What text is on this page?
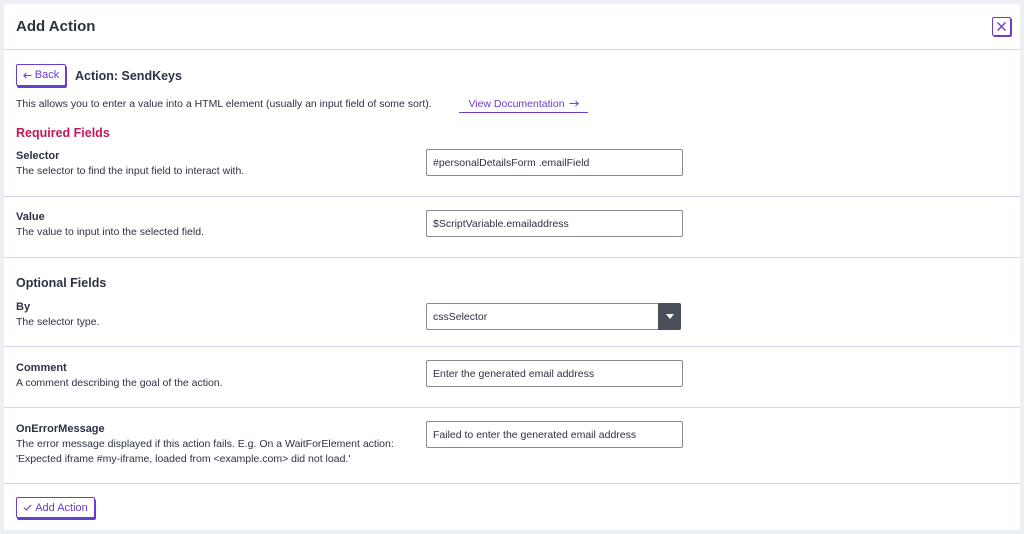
Add Action
Back Action: SendKeys
This allows you to enter a value into a HTML element (usually an input field of some sort).	View Documentation
Required Fields
Selector
The selector to find the input field to interact with.
#personalDetailsForm .emailField
Value
The value to input into the selected field.
$ScriptVariable.emailaddress
Optional Fields
By
The selector type.	cssSelector
Comment
A comment describing the goal of the action.
Enter the generated email address
OnErrorMessage
The error message displayed if this action fails. E.g. On a WaitForElement action:
'Expected iframe #my-iframe, loaded from <example.com> did not load.'
Failed to enter the generated email address
Add Action
